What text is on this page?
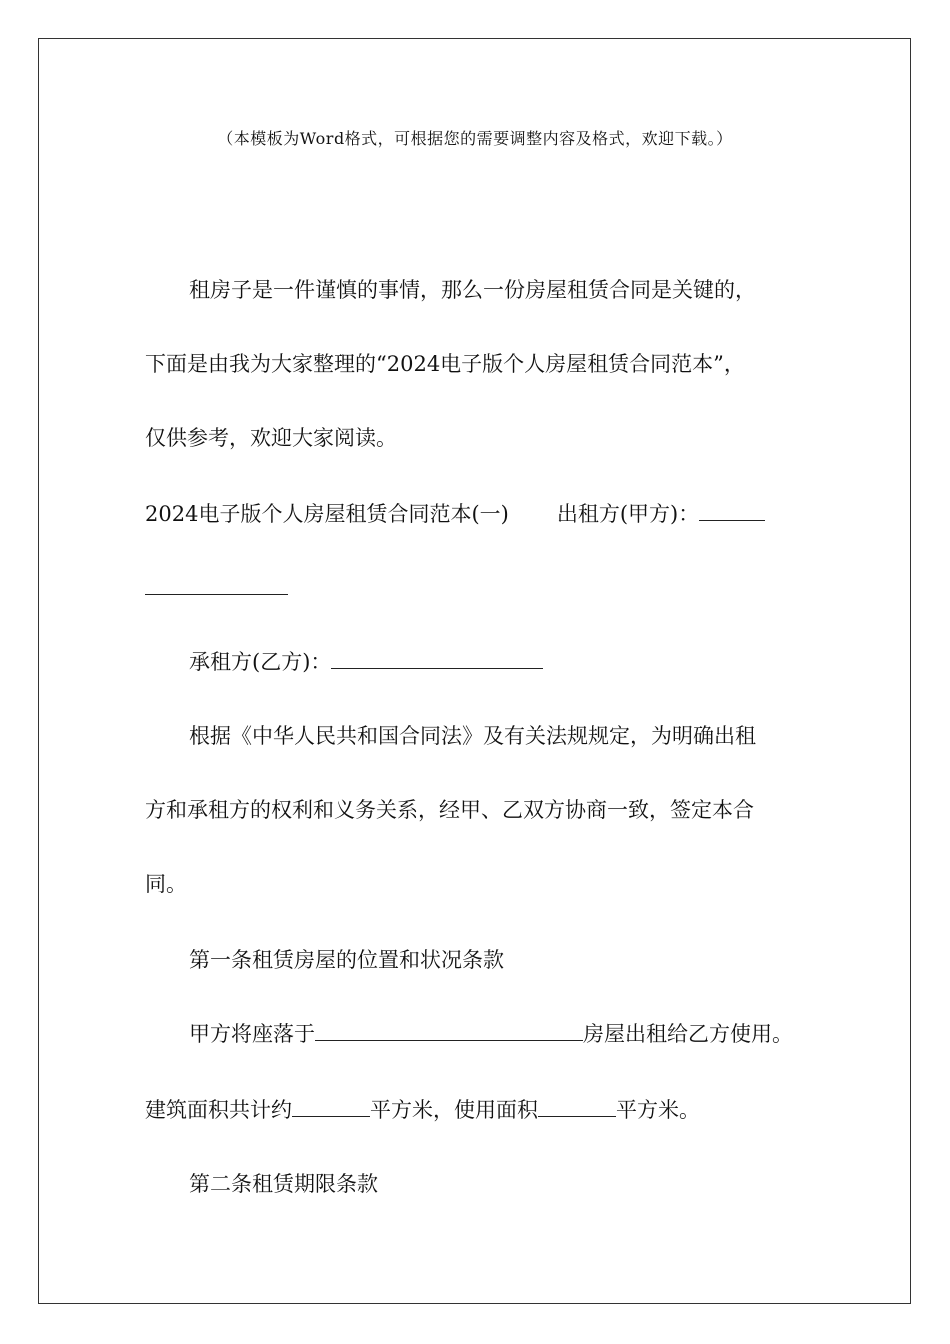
（本模板为Word格式，可根据您的需要调整内容及格式，欢迎下载。）
租房子是一件谨慎的事情，那么一份房屋租赁合同是关键的，
下面是由我为大家整理的“2024电子版个人房屋租赁合同范本”，
仅供参考，欢迎大家阅读。
2024电子版个人房屋租赁合同范本(一) 出租方(甲方)：
承租方(乙方)：
根据《中华人民共和国合同法》及有关法规规定，为明确出租
方和承租方的权利和义务关系，经甲、乙双方协商一致，签定本合
同。
第一条租赁房屋的位置和状况条款
甲方将座落于	房屋出租给乙方使用。
建筑面积共计约	平方米，使用面积	平方米。
第二条租赁期限条款
